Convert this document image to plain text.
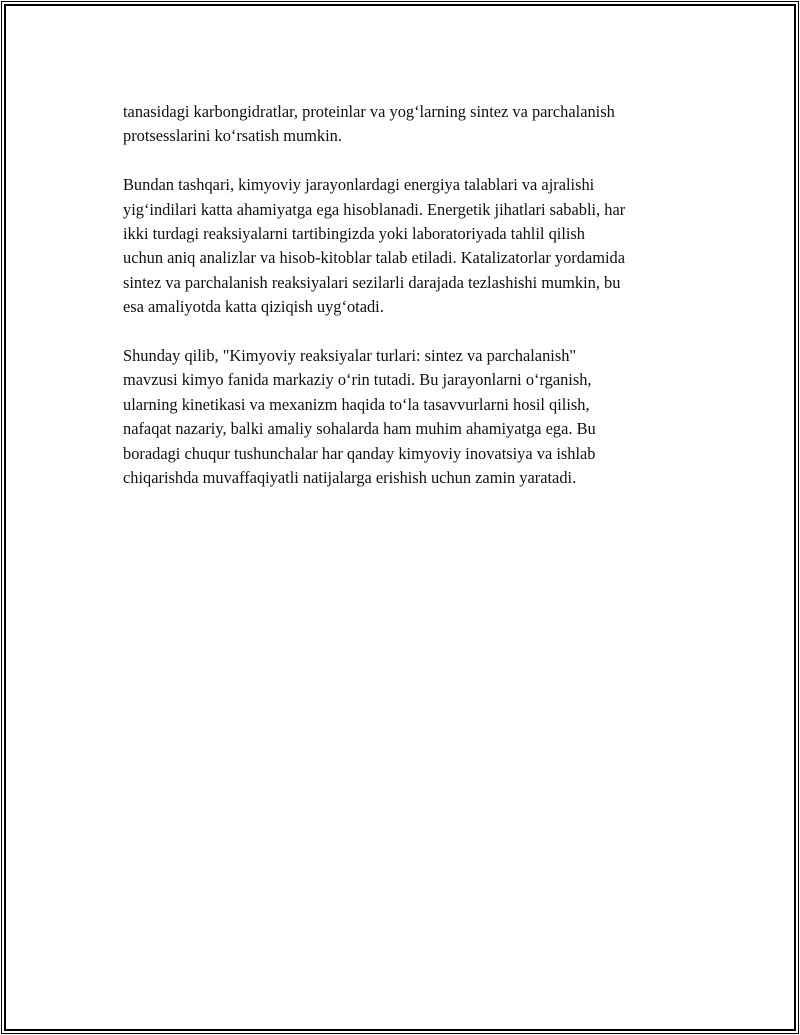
tanasidagi karbongidratlar, proteinlar va yog‘larning sintez va parchalanish
protsesslarini ko‘rsatish mumkin.

Bundan tashqari, kimyoviy jarayonlardagi energiya talablari va ajralishi
yig‘indilari katta ahamiyatga ega hisoblanadi. Energetik jihatlari sababli, har
ikki turdagi reaksiyalarni tartibingizda yoki laboratoriyada tahlil qilish
uchun aniq analizlar va hisob-kitoblar talab etiladi. Katalizatorlar yordamida
sintez va parchalanish reaksiyalari sezilarli darajada tezlashishi mumkin, bu
esa amaliyotda katta qiziqish uyg‘otadi.

Shunday qilib, "Kimyoviy reaksiyalar turlari: sintez va parchalanish"
mavzusi kimyo fanida markaziy o‘rin tutadi. Bu jarayonlarni o‘rganish,
ularning kinetikasi va mexanizm haqida to‘la tasavvurlarni hosil qilish,
nafaqat nazariy, balki amaliy sohalarda ham muhim ahamiyatga ega. Bu
boradagi chuqur tushunchalar har qanday kimyoviy inovatsiya va ishlab
chiqarishda muvaffaqiyatli natijalarga erishish uchun zamin yaratadi.
